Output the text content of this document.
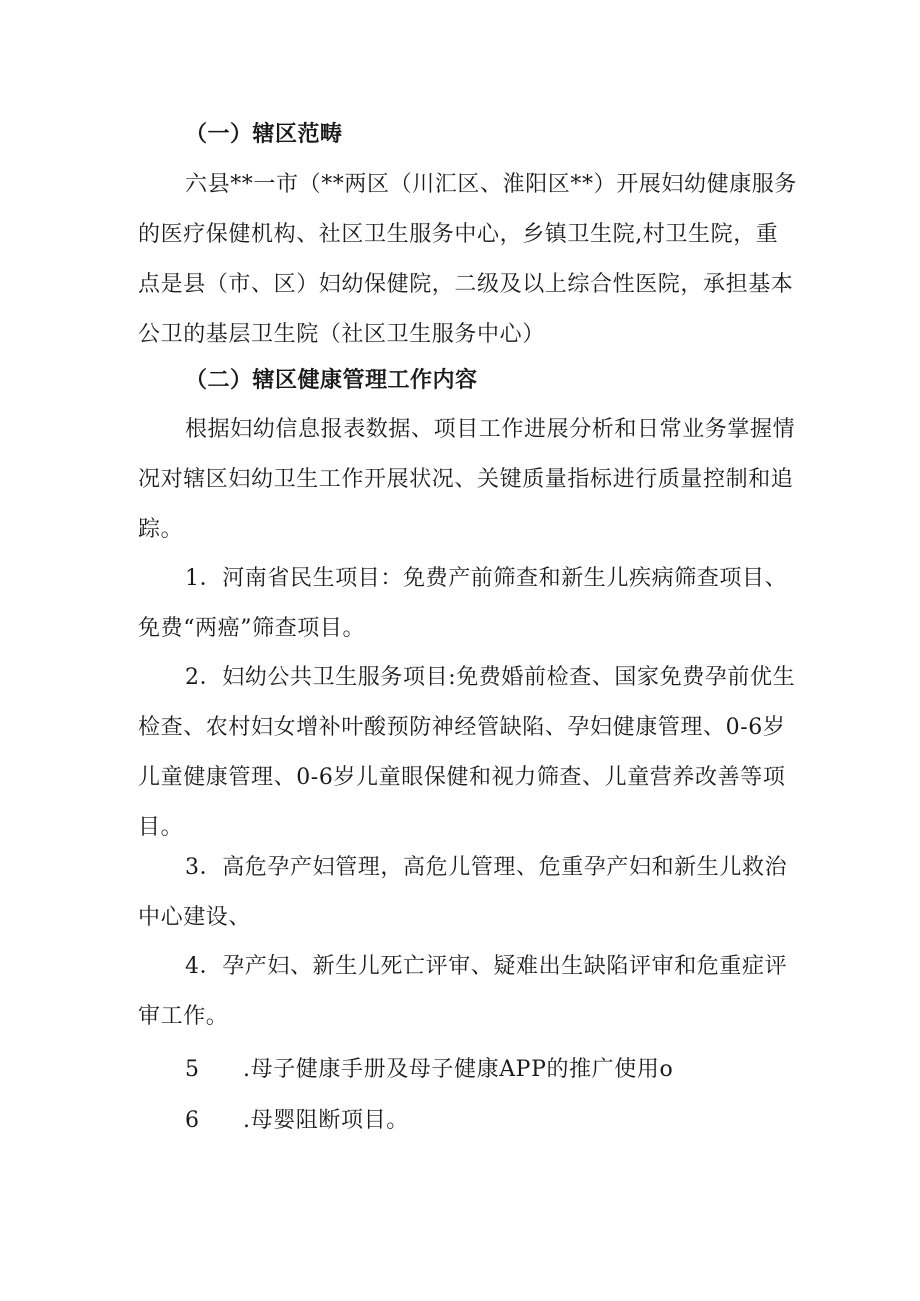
（一）辖区范畴

六县**一市（**两区（川汇区、淮阳区**）开展妇幼健康服务的医疗保健机构、社区卫生服务中心，乡镇卫生院,村卫生院，重点是县（市、区）妇幼保健院，二级及以上综合性医院，承担基本公卫的基层卫生院（社区卫生服务中心）

（二）辖区健康管理工作内容

根据妇幼信息报表数据、项目工作进展分析和日常业务掌握情况对辖区妇幼卫生工作开展状况、关键质量指标进行质量控制和追踪。

1．河南省民生项目：免费产前筛查和新生儿疾病筛查项目、免费“两癌”筛查项目。

2．妇幼公共卫生服务项目:免费婚前检查、国家免费孕前优生检查、农村妇女增补叶酸预防神经管缺陷、孕妇健康管理、0-6岁儿童健康管理、0-6岁儿童眼保健和视力筛查、儿童营养改善等项目。

3．高危孕产妇管理，高危儿管理、危重孕产妇和新生儿救治中心建设、

4．孕产妇、新生儿死亡评审、疑难出生缺陷评审和危重症评审工作。

5 .母子健康手册及母子健康APP的推广使用o
6 .母婴阻断项目。
